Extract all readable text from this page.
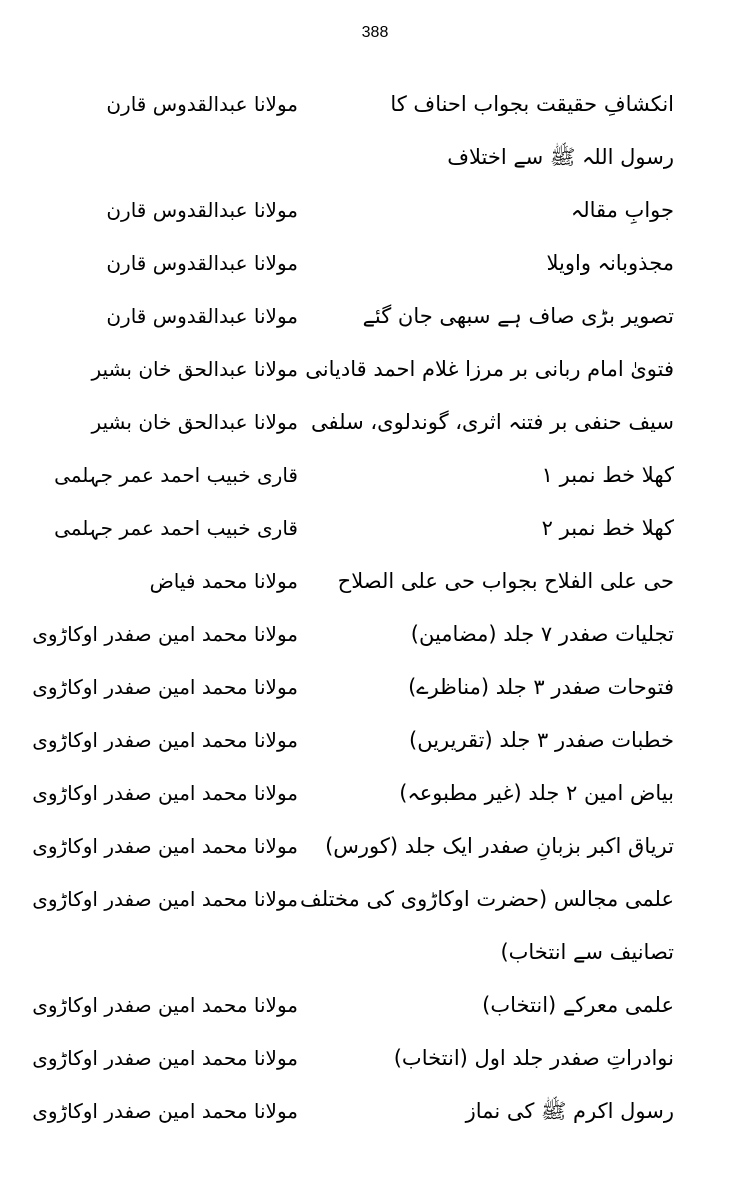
388
انکشافِ حقیقت بجواب احناف کا
مولانا عبدالقدوس قارن
رسول اللہ ﷺ سے اختلاف
جوابِ مقالہ
مولانا عبدالقدوس قارن
مجذوبانہ واویلا
مولانا عبدالقدوس قارن
تصویر بڑی صاف ہے سبھی جان گئے
مولانا عبدالقدوس قارن
فتویٰ امام ربانی بر مرزا غلام احمد قادیانی
مولانا عبدالحق خان بشیر
سیف حنفی بر فتنہ اثری، گوندلوی، سلفی
مولانا عبدالحق خان بشیر
کھلا خط نمبر ۱
قاری خبیب احمد عمر جہلمی
کھلا خط نمبر ۲
قاری خبیب احمد عمر جہلمی
حی علی الفلاح بجواب حی علی الصلاح
مولانا محمد فیاض
تجلیات صفدر ۷ جلد (مضامین)
مولانا محمد امین صفدر اوکاڑوی
فتوحات صفدر ۳ جلد (مناظرے)
مولانا محمد امین صفدر اوکاڑوی
خطبات صفدر ۳ جلد (تقریریں)
مولانا محمد امین صفدر اوکاڑوی
بیاض امین ۲ جلد (غیر مطبوعہ)
مولانا محمد امین صفدر اوکاڑوی
تریاق اکبر بزبانِ صفدر ایک جلد (کورس)
مولانا محمد امین صفدر اوکاڑوی
علمی مجالس (حضرت اوکاڑوی کی مختلف
مولانا محمد امین صفدر اوکاڑوی
تصانیف سے انتخاب)
علمی معرکے (انتخاب)
مولانا محمد امین صفدر اوکاڑوی
نوادراتِ صفدر جلد اول (انتخاب)
مولانا محمد امین صفدر اوکاڑوی
رسول اکرم ﷺ کی نماز
مولانا محمد امین صفدر اوکاڑوی
